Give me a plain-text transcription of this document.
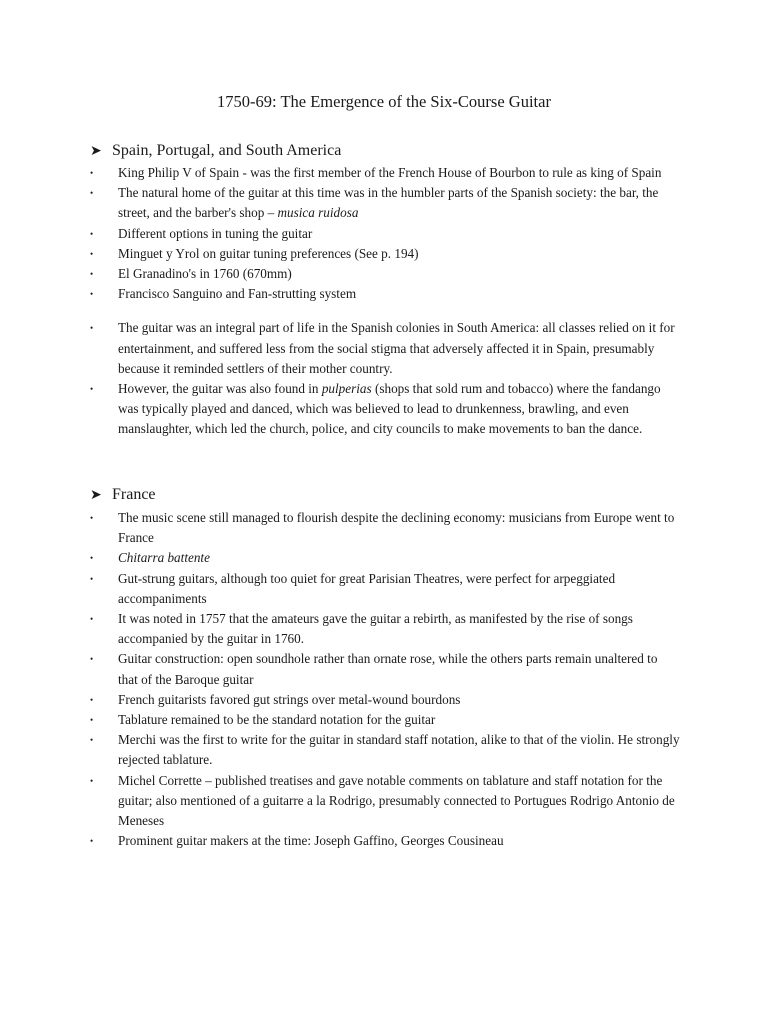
1750-69: The Emergence of the Six-Course Guitar
➤ Spain, Portugal, and South America
•	King Philip V of Spain - was the first member of the French House of Bourbon to rule as king of Spain
•	The natural home of the guitar at this time was in the humbler parts of the Spanish society: the bar, the street, and the barber's shop – musica ruidosa
•	Different options in tuning the guitar
•	Minguet y Yrol on guitar tuning preferences (See p. 194)
•	El Granadino's in 1760 (670mm)
•	Francisco Sanguino and Fan-strutting system
•	The guitar was an integral part of life in the Spanish colonies in South America: all classes relied on it for entertainment, and suffered less from the social stigma that adversely affected it in Spain, presumably because it reminded settlers of their mother country.
•	However, the guitar was also found in pulperias (shops that sold rum and tobacco) where the fandango was typically played and danced, which was believed to lead to drunkenness, brawling, and even manslaughter, which led the church, police, and city councils to make movements to ban the dance.
➤ France
•	The music scene still managed to flourish despite the declining economy: musicians from Europe went to France
•	Chitarra battente
•	Gut-strung guitars, although too quiet for great Parisian Theatres, were perfect for arpeggiated accompaniments
•	It was noted in 1757 that the amateurs gave the guitar a rebirth, as manifested by the rise of songs accompanied by the guitar in 1760.
•	Guitar construction: open soundhole rather than ornate rose, while the others parts remain unaltered to that of the Baroque guitar
•	French guitarists favored gut strings over metal-wound bourdons
•	Tablature remained to be the standard notation for the guitar
•	Merchi was the first to write for the guitar in standard staff notation, alike to that of the violin. He strongly rejected tablature.
•	Michel Corrette – published treatises and gave notable comments on tablature and staff notation for the guitar; also mentioned of a guitarre a la Rodrigo, presumably connected to Portugues Rodrigo Antonio de Meneses
•	Prominent guitar makers at the time: Joseph Gaffino, Georges Cousineau
